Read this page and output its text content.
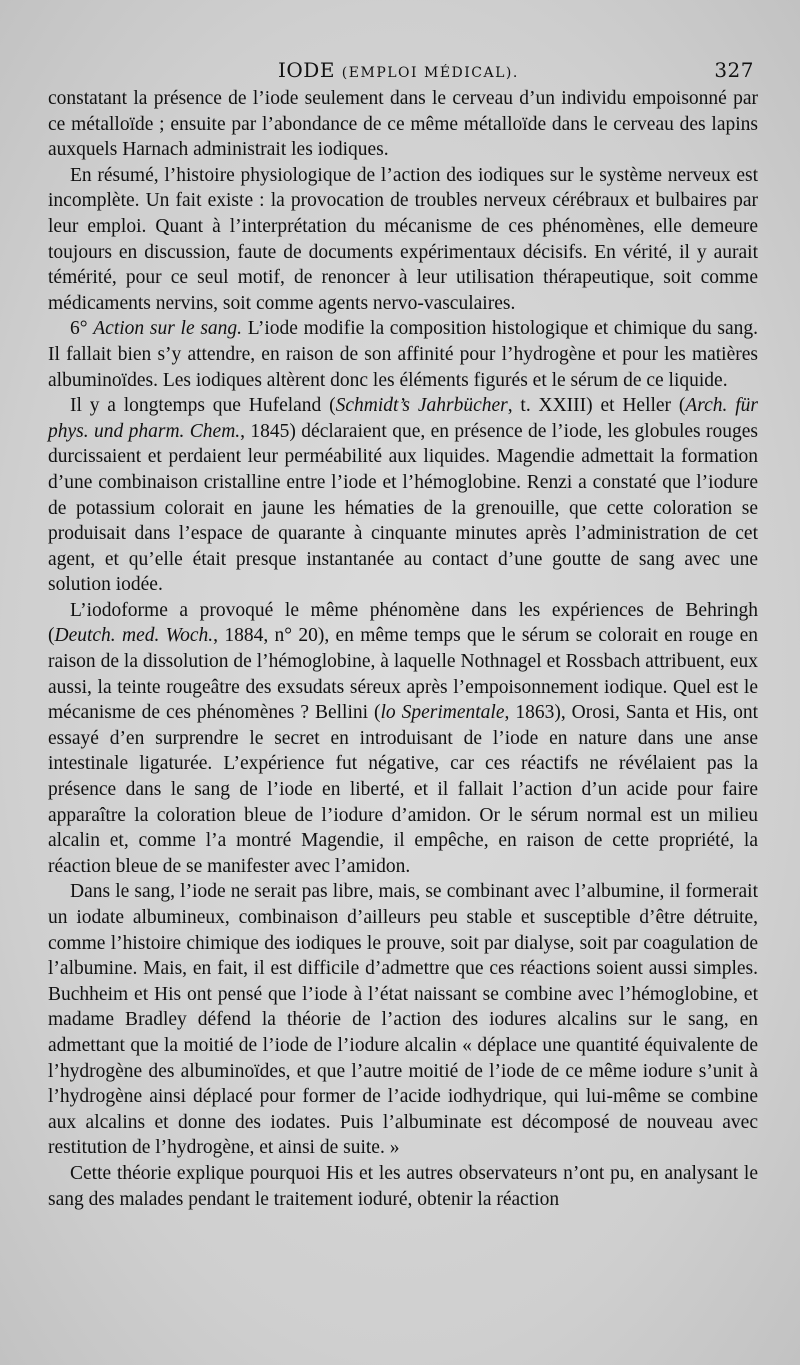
IODE (EMPLOI MÉDICAL).	327

constatant la présence de l’iode seulement dans le cerveau d’un individu empoisonné par ce métalloïde ; ensuite par l’abondance de ce même métalloïde dans le cerveau des lapins auxquels Harnach administrait les iodiques.

En résumé, l’histoire physiologique de l’action des iodiques sur le système nerveux est incomplète. Un fait existe : la provocation de troubles nerveux cérébraux et bulbaires par leur emploi. Quant à l’interprétation du mécanisme de ces phénomènes, elle demeure toujours en discussion, faute de documents expérimentaux décisifs. En vérité, il y aurait témérité, pour ce seul motif, de renoncer à leur utilisation thérapeutique, soit comme médicaments nervins, soit comme agents nervo-vasculaires.

6° Action sur le sang. L’iode modifie la composition histologique et chimique du sang. Il fallait bien s’y attendre, en raison de son affinité pour l’hydrogène et pour les matières albuminoïdes. Les iodiques altèrent donc les éléments figurés et le sérum de ce liquide.

Il y a longtemps que Hufeland (Schmidt’s Jahrbücher, t. XXIII) et Heller (Arch. für phys. und pharm. Chem., 1845) déclaraient que, en présence de l’iode, les globules rouges durcissaient et perdaient leur perméabilité aux liquides. Magendie admettait la formation d’une combinaison cristalline entre l’iode et l’hémoglobine. Renzi a constaté que l’iodure de potassium colorait en jaune les hématies de la grenouille, que cette coloration se produisait dans l’espace de quarante à cinquante minutes après l’administration de cet agent, et qu’elle était presque instantanée au contact d’une goutte de sang avec une solution iodée.

L’iodoforme a provoqué le même phénomène dans les expériences de Behringh (Deutch. med. Woch., 1884, n° 20), en même temps que le sérum se colorait en rouge en raison de la dissolution de l’hémoglobine, à laquelle Nothnagel et Rossbach attribuent, eux aussi, la teinte rougeâtre des exsudats séreux après l’empoisonnement iodique. Quel est le mécanisme de ces phénomènes ? Bellini (lo Sperimentale, 1863), Orosi, Santa et His, ont essayé d’en surprendre le secret en introduisant de l’iode en nature dans une anse intestinale ligaturée. L’expérience fut négative, car ces réactifs ne révélaient pas la présence dans le sang de l’iode en liberté, et il fallait l’action d’un acide pour faire apparaître la coloration bleue de l’iodure d’amidon. Or le sérum normal est un milieu alcalin et, comme l’a montré Magendie, il empêche, en raison de cette propriété, la réaction bleue de se manifester avec l’amidon.

Dans le sang, l’iode ne serait pas libre, mais, se combinant avec l’albumine, il formerait un iodate albumineux, combinaison d’ailleurs peu stable et susceptible d’être détruite, comme l’histoire chimique des iodiques le prouve, soit par dialyse, soit par coagulation de l’albumine. Mais, en fait, il est difficile d’admettre que ces réactions soient aussi simples. Buchheim et His ont pensé que l’iode à l’état naissant se combine avec l’hémoglobine, et madame Bradley défend la théorie de l’action des iodures alcalins sur le sang, en admettant que la moitié de l’iode de l’iodure alcalin « déplace une quantité équivalente de l’hydrogène des albuminoïdes, et que l’autre moitié de l’iode de ce même iodure s’unit à l’hydrogène ainsi déplacé pour former de l’acide iodhydrique, qui lui-même se combine aux alcalins et donne des iodates. Puis l’albuminate est décomposé de nouveau avec restitution de l’hydrogène, et ainsi de suite. »

Cette théorie explique pourquoi His et les autres observateurs n’ont pu, en analysant le sang des malades pendant le traitement ioduré, obtenir la réaction
